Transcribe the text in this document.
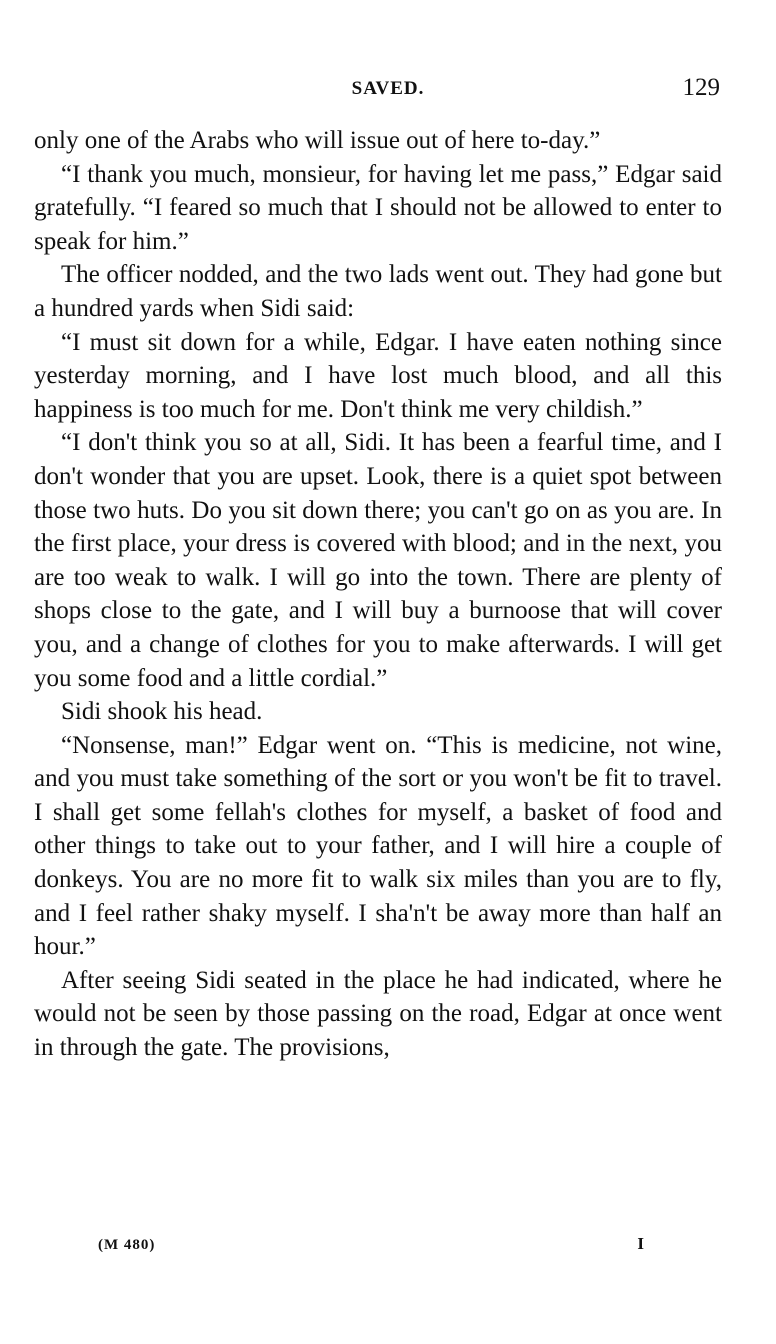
SAVED.	129

only one of the Arabs who will issue out of here to-day.”

“I thank you much, monsieur, for having let me pass,” Edgar said gratefully. “I feared so much that I should not be allowed to enter to speak for him.”

The officer nodded, and the two lads went out. They had gone but a hundred yards when Sidi said:

“I must sit down for a while, Edgar. I have eaten nothing since yesterday morning, and I have lost much blood, and all this happiness is too much for me. Don't think me very childish.”

“I don't think you so at all, Sidi. It has been a fearful time, and I don't wonder that you are upset. Look, there is a quiet spot between those two huts. Do you sit down there; you can't go on as you are. In the first place, your dress is covered with blood; and in the next, you are too weak to walk. I will go into the town. There are plenty of shops close to the gate, and I will buy a burnoose that will cover you, and a change of clothes for you to make afterwards. I will get you some food and a little cordial.”

Sidi shook his head.

“Nonsense, man!” Edgar went on. “This is medicine, not wine, and you must take something of the sort or you won't be fit to travel. I shall get some fellah's clothes for myself, a basket of food and other things to take out to your father, and I will hire a couple of donkeys. You are no more fit to walk six miles than you are to fly, and I feel rather shaky myself. I sha'n't be away more than half an hour.”

After seeing Sidi seated in the place he had indicated, where he would not be seen by those passing on the road, Edgar at once went in through the gate. The provisions,

(M 480)	I
